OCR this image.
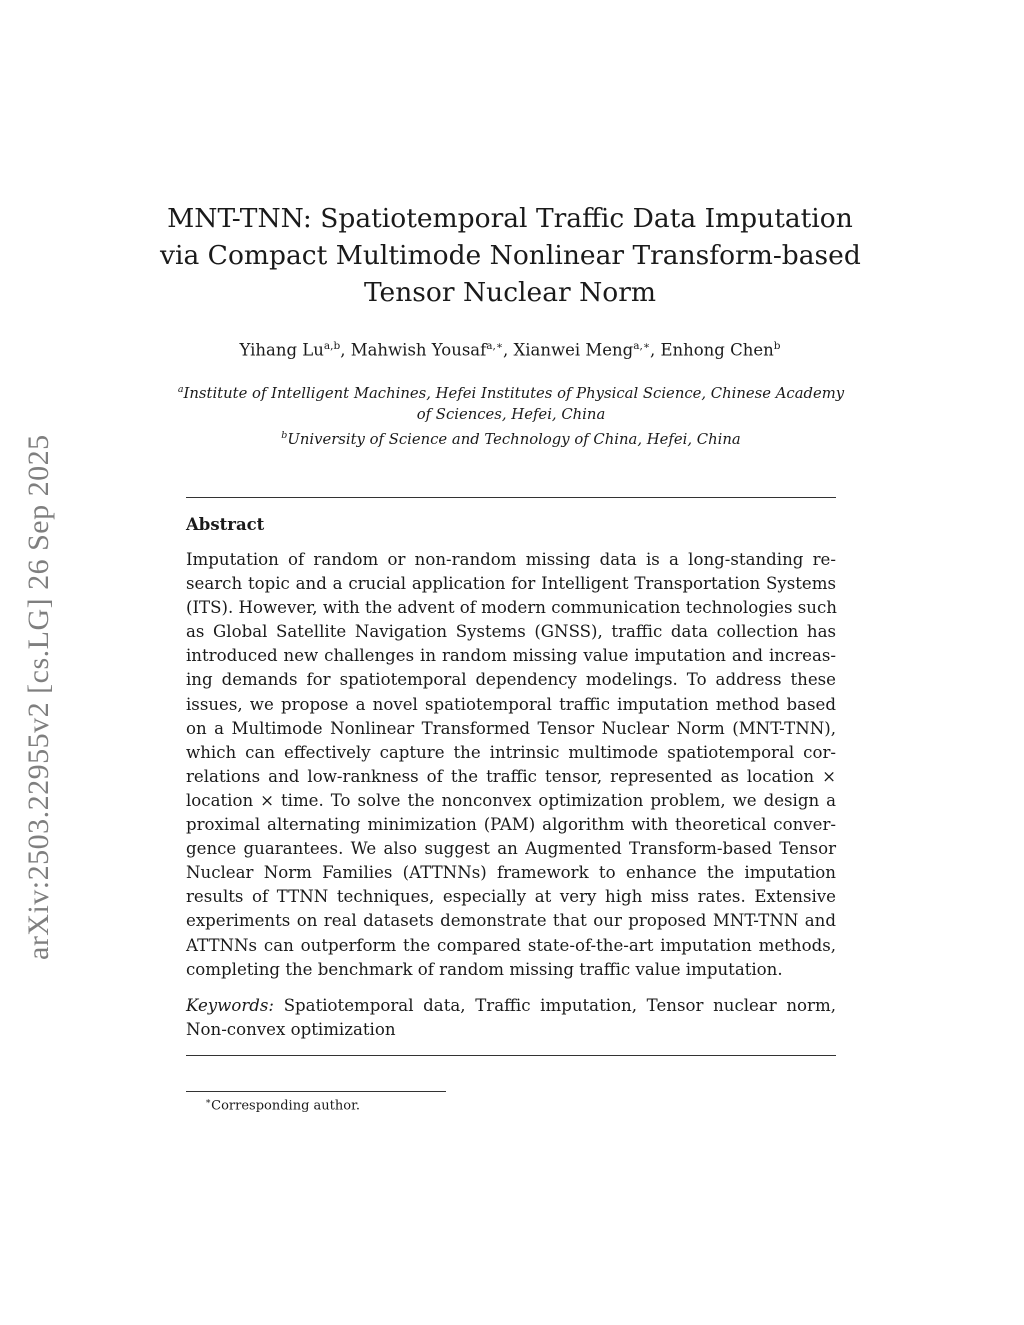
arXiv:2503.22955v2 [cs.LG] 26 Sep 2025
MNT-TNN: Spatiotemporal Traffic Data Imputation
via Compact Multimode Nonlinear Transform-based
Tensor Nuclear Norm
Yihang Lu$^{a,b}$, Mahwish Yousaf$^{a,∗}$, Xianwei Meng$^{a,∗}$, Enhong Chen$^b$
$^a$Institute of Intelligent Machines, Hefei Institutes of Physical Science, Chinese Academy
of Sciences, Hefei, China
$^b$University of Science and Technology of China, Hefei, China
Abstract
Imputation of random or non-random missing data is a long-standing re-
search topic and a crucial application for Intelligent Transportation Systems
(ITS). However, with the advent of modern communication technologies such
as Global Satellite Navigation Systems (GNSS), traffic data collection has
introduced new challenges in random missing value imputation and increas-
ing demands for spatiotemporal dependency modelings. To address these
issues, we propose a novel spatiotemporal traffic imputation method based
on a Multimode Nonlinear Transformed Tensor Nuclear Norm (MNT-TNN),
which can effectively capture the intrinsic multimode spatiotemporal cor-
relations and low-rankness of the traffic tensor, represented as location ×
location × time. To solve the nonconvex optimization problem, we design a
proximal alternating minimization (PAM) algorithm with theoretical conver-
gence guarantees. We also suggest an Augmented Transform-based Tensor
Nuclear Norm Families (ATTNNs) framework to enhance the imputation
results of TTNN techniques, especially at very high miss rates. Extensive
experiments on real datasets demonstrate that our proposed MNT-TNN and
ATTNNs can outperform the compared state-of-the-art imputation methods,
completing the benchmark of random missing traffic value imputation.
Keywords: Spatiotemporal data, Traffic imputation, Tensor nuclear norm,
Non-convex optimization
∗Corresponding author.
